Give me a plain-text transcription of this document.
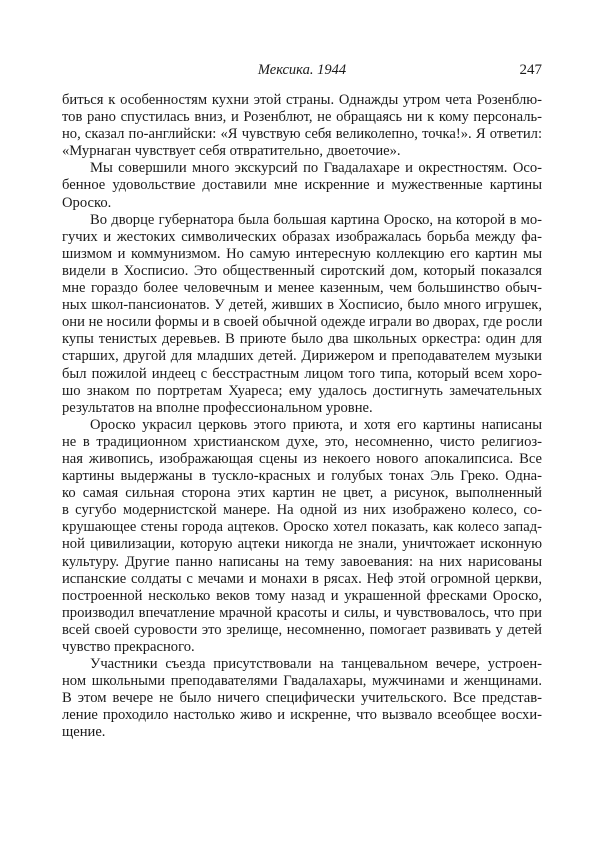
Мексика. 1944	247
биться к особенностям кухни этой страны. Однажды утром чета Розенблю-
тов рано спустилась вниз, и Розенблют, не обращаясь ни к кому персональ-
но, сказал по-английски: «Я чувствую себя великолепно, точка!». Я ответил:
«Мурнаган чувствует себя отвратительно, двоеточие».
Мы совершили много экскурсий по Гвадалахаре и окрестностям. Осо-
бенное удовольствие доставили мне искренние и мужественные картины
Ороско.
Во дворце губернатора была большая картина Ороско, на которой в мо-
гучих и жестоких символических образах изображалась борьба между фа-
шизмом и коммунизмом. Но самую интересную коллекцию его картин мы
видели в Хосписио. Это общественный сиротский дом, который показался
мне гораздо более человечным и менее казенным, чем большинство обыч-
ных школ-пансионатов. У детей, живших в Хосписио, было много игрушек,
они не носили формы и в своей обычной одежде играли во дворах, где росли
купы тенистых деревьев. В приюте было два школьных оркестра: один для
старших, другой для младших детей. Дирижером и преподавателем музыки
был пожилой индеец с бесстрастным лицом того типа, который всем хоро-
шо знаком по портретам Хуареса; ему удалось достигнуть замечательных
результатов на вполне профессиональном уровне.
Ороско украсил церковь этого приюта, и хотя его картины написаны
не в традиционном христианском духе, это, несомненно, чисто религиоз-
ная живопись, изображающая сцены из некоего нового апокалипсиса. Все
картины выдержаны в тускло-красных и голубых тонах Эль Греко. Одна-
ко самая сильная сторона этих картин не цвет, а рисунок, выполненный
в сугубо модернистской манере. На одной из них изображено колесо, со-
крушающее стены города ацтеков. Ороско хотел показать, как колесо запад-
ной цивилизации, которую ацтеки никогда не знали, уничтожает исконную
культуру. Другие панно написаны на тему завоевания: на них нарисованы
испанские солдаты с мечами и монахи в рясах. Неф этой огромной церкви,
построенной несколько веков тому назад и украшенной фресками Ороско,
производил впечатление мрачной красоты и силы, и чувствовалось, что при
всей своей суровости это зрелище, несомненно, помогает развивать у детей
чувство прекрасного.
Участники съезда присутствовали на танцевальном вечере, устроен-
ном школьными преподавателями Гвадалахары, мужчинами и женщинами.
В этом вечере не было ничего специфически учительского. Все представ-
ление проходило настолько живо и искренне, что вызвало всеобщее восхи-
щение.
